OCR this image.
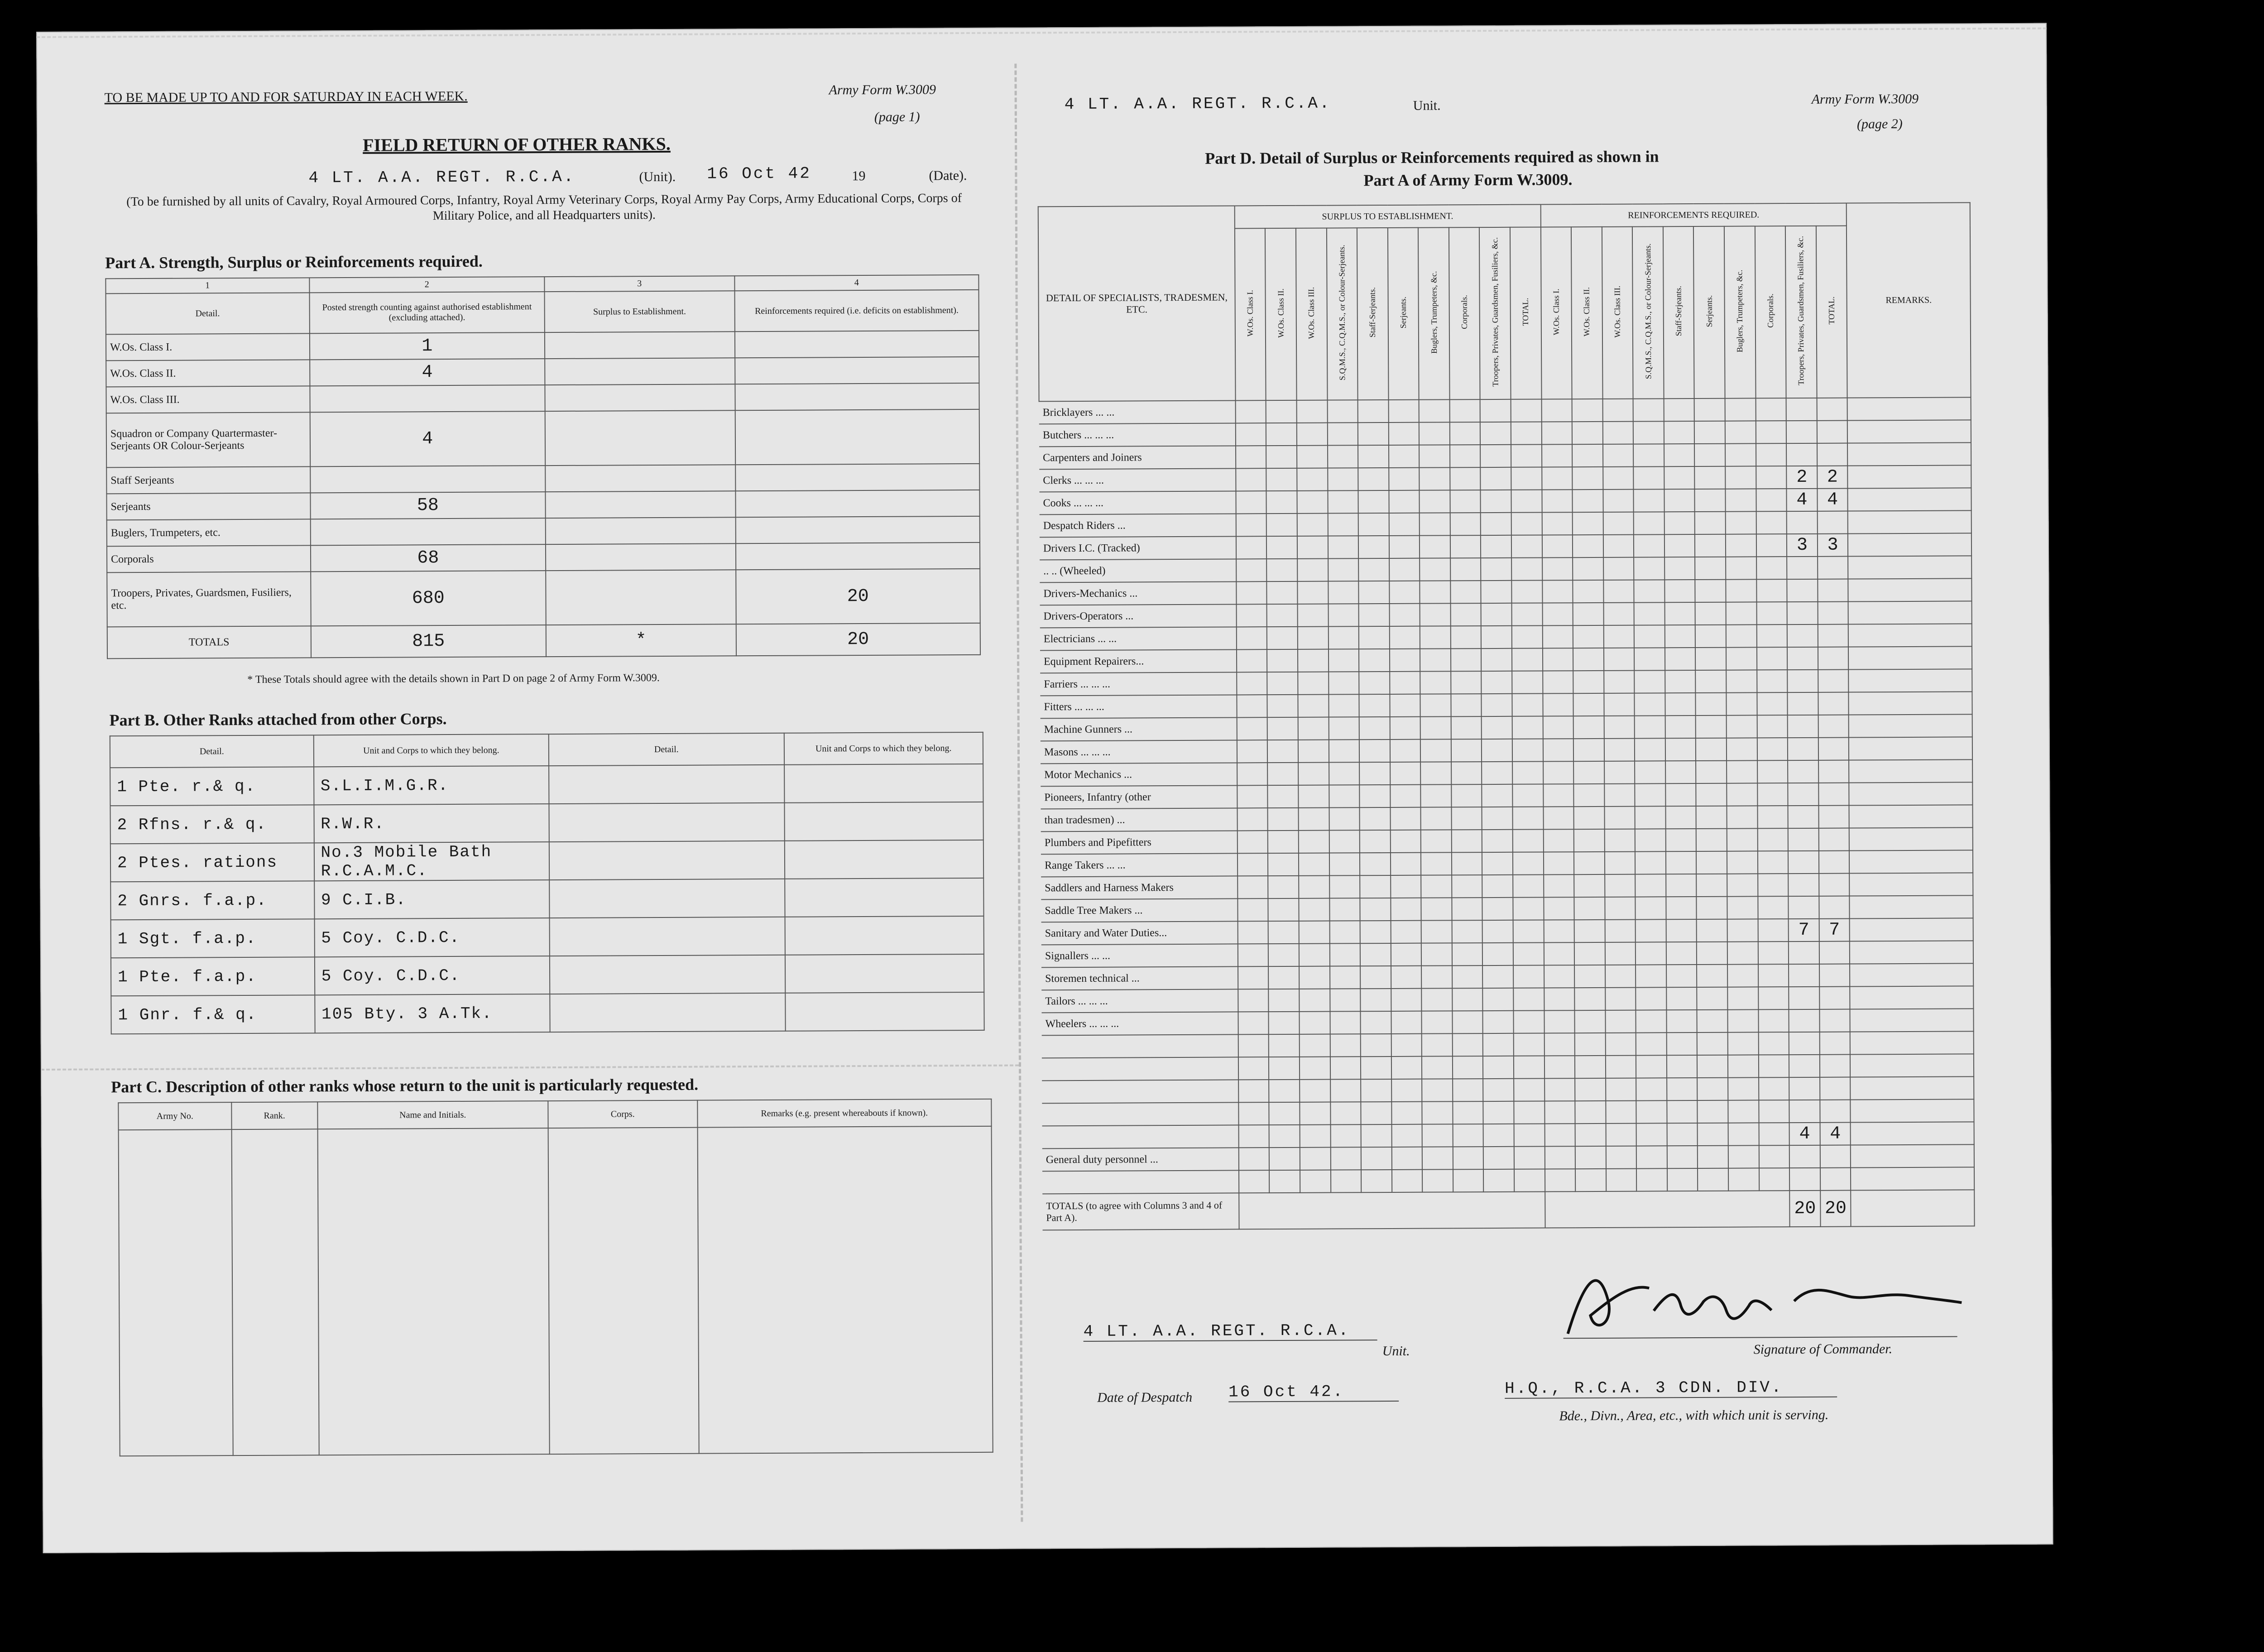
TO BE MADE UP TO AND FOR SATURDAY IN EACH WEEK.	Army Form W.3009
(page 1)
FIELD RETURN OF OTHER RANKS.
4 LT. A.A. REGT. R.C.A.	(Unit). 16 Oct 42	19	(Date).
(To be furnished by all units of Cavalry, Royal Armoured Corps, Infantry, Royal Army Veterinary Corps, Royal Army Pay Corps, Army Educational Corps, Corps of Military Police, and all Headquarters units).
Part A. Strength, Surplus or Reinforcements required.
1	2	3	4
Detail.	Posted strength counting against authorised establishment (excluding attached).	Surplus to Establishment.	Reinforcements required (i.e. deficits on establishment).
W.Os. Class I.	1		
W.Os. Class II.	4		
W.Os. Class III.			
Squadron or Company Quartermaster-Serjeants OR Colour-Serjeants	4		
Staff Serjeants			
Serjeants	58		
Buglers, Trumpeters, etc.			
Corporals	68		
Troopers, Privates, Guardsmen, Fusiliers, etc.	680		20
TOTALS	815	*	20
* These Totals should agree with the details shown in Part D on page 2 of Army Form W.3009.
Part B. Other Ranks attached from other Corps.
Detail.	Unit and Corps to which they belong.	Detail.	Unit and Corps to which they belong.
1 Pte. r.& q.	S.L.I.M.G.R.		
2 Rfns. r.& q.	R.W.R.		
2 Ptes. rations	No.3 Mobile Bath R.C.A.M.C.		
2 Gnrs. f.a.p.	9 C.I.B.		
1 Sgt. f.a.p.	5 Coy. C.D.C.		
1 Pte. f.a.p.	5 Coy. C.D.C.		
1 Gnr. f.& q.	105 Bty. 3 A.Tk.		
Part C. Description of other ranks whose return to the unit is particularly requested.
Army No.	Rank.	Name and Initials.	Corps.	Remarks (e.g. present whereabouts if known).

4 LT. A.A. REGT. R.C.A.	Unit.	Army Form W.3009
(page 2)
Part D. Detail of Surplus or Reinforcements required as shown in
Part A of Army Form W.3009.
DETAIL OF SPECIALISTS, TRADESMEN, ETC.	SURPLUS TO ESTABLISHMENT.										REINFORCEMENTS REQUIRED.										REMARKS.
	W.Os. Class I.	W.Os. Class II.	W.Os. Class III.	S.Q.M.S., C.Q.M.S., or Colour-Serjeants.	Staff-Serjeants.	Serjeants.	Buglers, Trumpeters, &c.	Corporals.	Troopers, Privates, Guardsmen, Fusiliers, &c.	TOTAL.	W.Os. Class I.	W.Os. Class II.	W.Os. Class III.	S.Q.M.S., C.Q.M.S., or Colour-Serjeants.	Staff-Serjeants.	Serjeants.	Buglers, Trumpeters, &c.	Corporals.	Troopers, Privates, Guardsmen, Fusiliers, &c.	TOTAL.	
Bricklayers ... ...																					
Butchers ... ... ...																					
Carpenters and Joiners																					
Clerks ... ... ...																			2	2	
Cooks ... ... ...																			4	4	
Despatch Riders ...																					
Drivers I.C. (Tracked)																			3	3	
.. .. (Wheeled)																					
Drivers-Mechanics ...																					
Drivers-Operators ...																					
Electricians ... ...																					
Equipment Repairers...																					
Farriers ... ... ...																					
Fitters ... ... ...																					
Machine Gunners ...																					
Masons ... ... ...																					
Motor Mechanics ...																					
Pioneers, Infantry (other																					
than tradesmen) ...																					
Plumbers and Pipefitters																					
Range Takers ... ...																					
Saddlers and Harness Makers																					
Saddle Tree Makers ...																					
Sanitary and Water Duties...																			7	7	
Signallers ... ...																					
Storemen technical ...																					
Tailors ... ... ...																					
Wheelers ... ... ...																					

																			4	4	
General duty personnel ...																					

TOTALS (to agree with Columns 3 and 4 of Part A).																			20	20	
4 LT. A.A. REGT. R.C.A.
Unit.	Signature of Commander.
Date of Despatch 16 Oct 42.	H.Q., R.C.A. 3 CDN. DIV.
Bde., Divn., Area, etc., with which unit is serving.
